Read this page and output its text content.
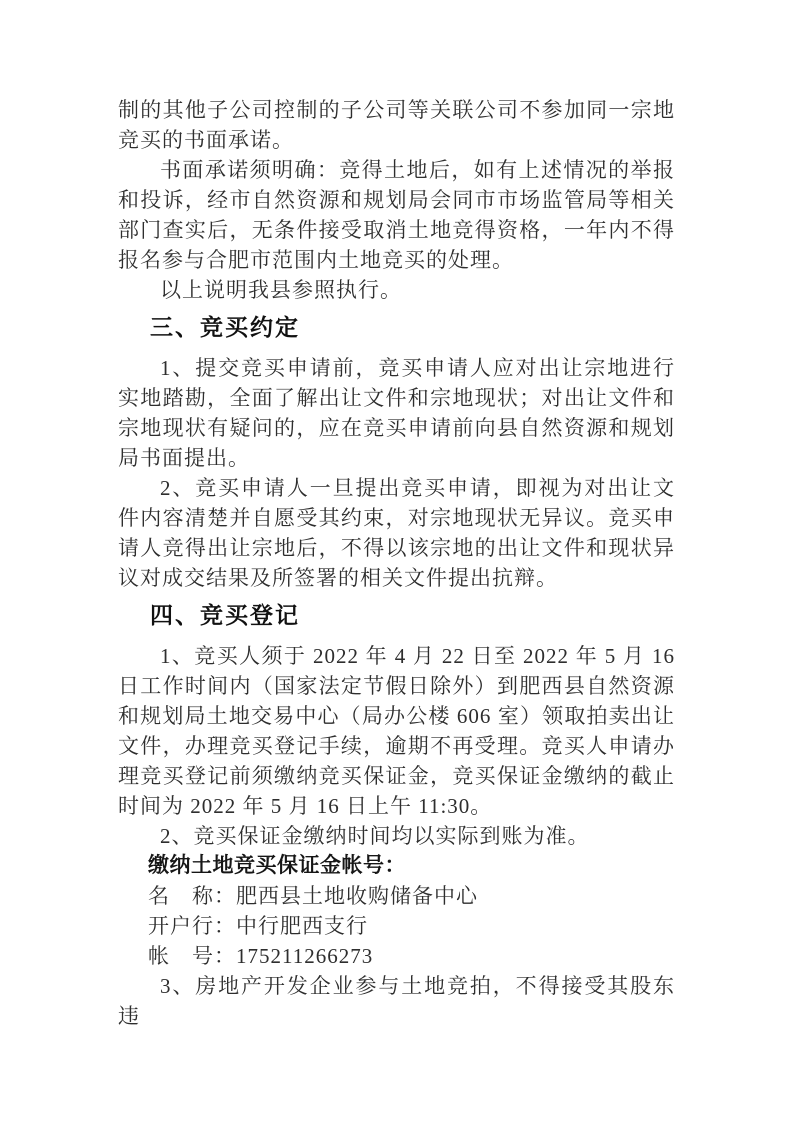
制的其他子公司控制的子公司等关联公司不参加同一宗地竞买的书面承诺。

书面承诺须明确：竞得土地后，如有上述情况的举报和投诉，经市自然资源和规划局会同市市场监管局等相关部门查实后，无条件接受取消土地竞得资格，一年内不得报名参与合肥市范围内土地竞买的处理。

以上说明我县参照执行。

三、竞买约定

1、提交竞买申请前，竞买申请人应对出让宗地进行实地踏勘，全面了解出让文件和宗地现状；对出让文件和宗地现状有疑问的，应在竞买申请前向县自然资源和规划局书面提出。

2、竞买申请人一旦提出竞买申请，即视为对出让文件内容清楚并自愿受其约束，对宗地现状无异议。竞买申请人竞得出让宗地后，不得以该宗地的出让文件和现状异议对成交结果及所签署的相关文件提出抗辩。

四、竞买登记

1、竞买人须于 2022 年 4 月 22 日至 2022 年 5 月 16 日工作时间内（国家法定节假日除外）到肥西县自然资源和规划局土地交易中心（局办公楼 606 室）领取拍卖出让文件，办理竞买登记手续，逾期不再受理。竞买人申请办理竞买登记前须缴纳竞买保证金，竞买保证金缴纳的截止时间为 2022 年 5 月 16 日上午 11:30。

2、竞买保证金缴纳时间均以实际到账为准。

缴纳土地竞买保证金帐号：

名　称：肥西县土地收购储备中心

开户行：中行肥西支行

帐　号：175211266273

3、房地产开发企业参与土地竞拍，不得接受其股东违
